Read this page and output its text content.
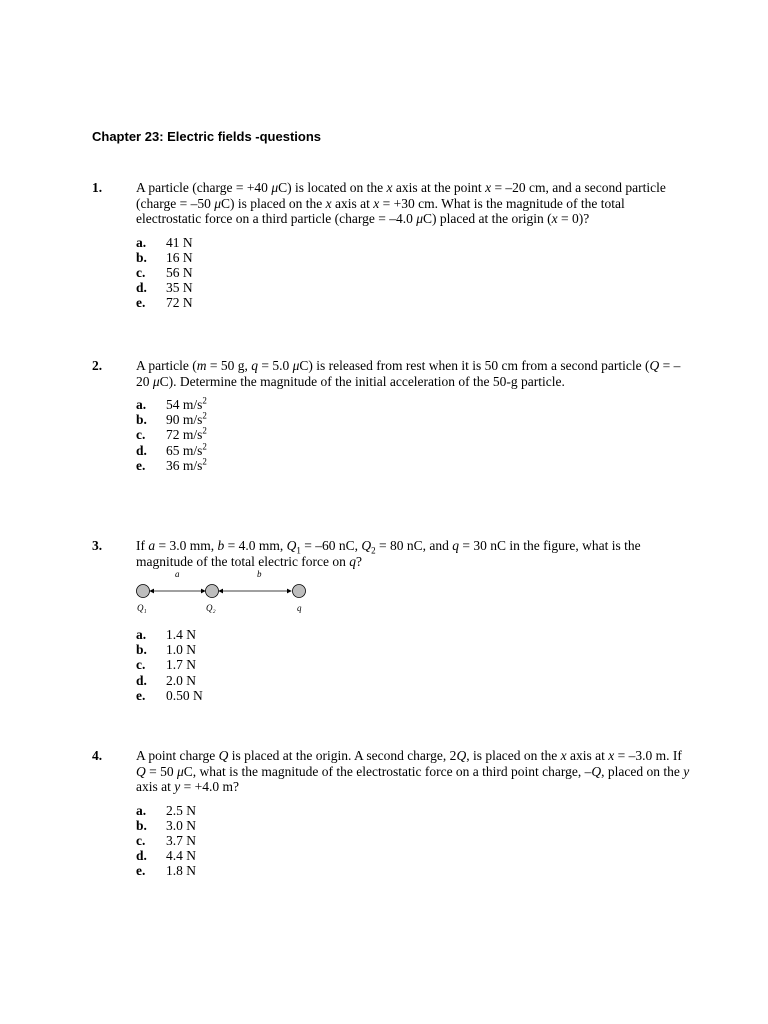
Chapter 23: Electric fields -questions
1.	A particle (charge = +40 μC) is located on the x axis at the point x = –20 cm, and a second particle (charge = –50 μC) is placed on the x axis at x = +30 cm. What is the magnitude of the total electrostatic force on a third particle (charge = –4.0 μC) placed at the origin (x = 0)?
a.	41 N
b.	16 N
c.	56 N
d.	35 N
e.	72 N
2.	A particle (m = 50 g, q = 5.0 μC) is released from rest when it is 50 cm from a second particle (Q = –20 μC). Determine the magnitude of the initial acceleration of the 50-g particle.
a.	54 $m/s^2$
b.	90 $m/s^2$
c.	72 $m/s^2$
d.	65 $m/s^2$
e.	36 $m/s^2$
3.	If a = 3.0 mm, b = 4.0 mm, $Q_1 = -60$ nC, $Q_2 = 80$ nC, and q = 30 nC in the figure, what is the magnitude of the total electric force on q?
a	b
Q₁	Q₂	q
a.	1.4 N
b.	1.0 N
c.	1.7 N
d.	2.0 N
e.	0.50 N
4.	A point charge Q is placed at the origin. A second charge, 2Q, is placed on the x axis at x = –3.0 m. If Q = 50 μC, what is the magnitude of the electrostatic force on a third point charge, –Q, placed on the y axis at y = +4.0 m?
a.	2.5 N
b.	3.0 N
c.	3.7 N
d.	4.4 N
e.	1.8 N
